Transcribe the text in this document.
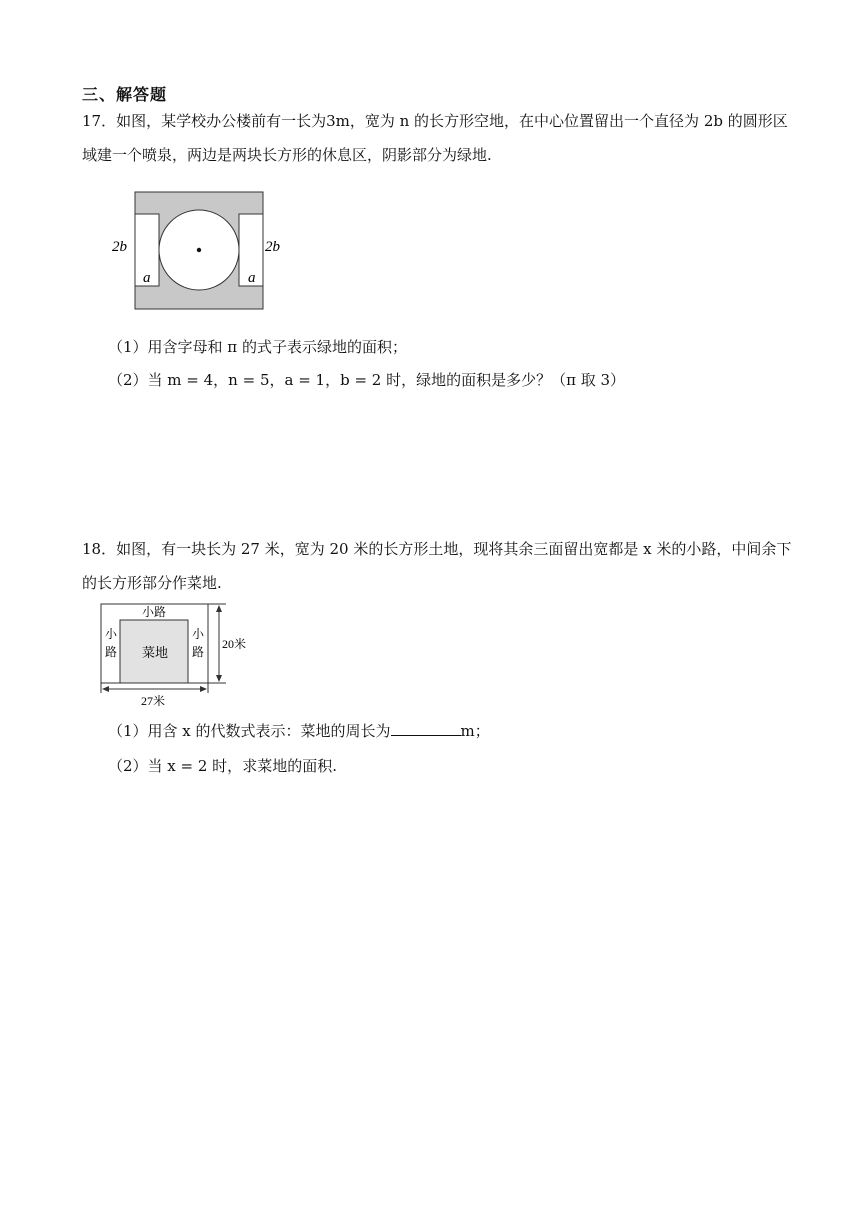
三、解答题
17．如图，某学校办公楼前有一长为3m，宽为 n 的长方形空地，在中心位置留出一个直径为 2b 的圆形区
域建一个喷泉，两边是两块长方形的休息区，阴影部分为绿地.
2b	2b
a	a
（1）用含字母和 π 的式子表示绿地的面积；
（2）当 m = 4，n = 5，a = 1，b = 2 时，绿地的面积是多少？（π 取 3）
18．如图，有一块长为 27 米，宽为 20 米的长方形土地，现将其余三面留出宽都是 x 米的小路，中间余下
的长方形部分作菜地.
小路
小
路
小
路
菜地
20米
27米
（1）用含 x 的代数式表示：菜地的周长为	m；
（2）当 x = 2 时，求菜地的面积.
